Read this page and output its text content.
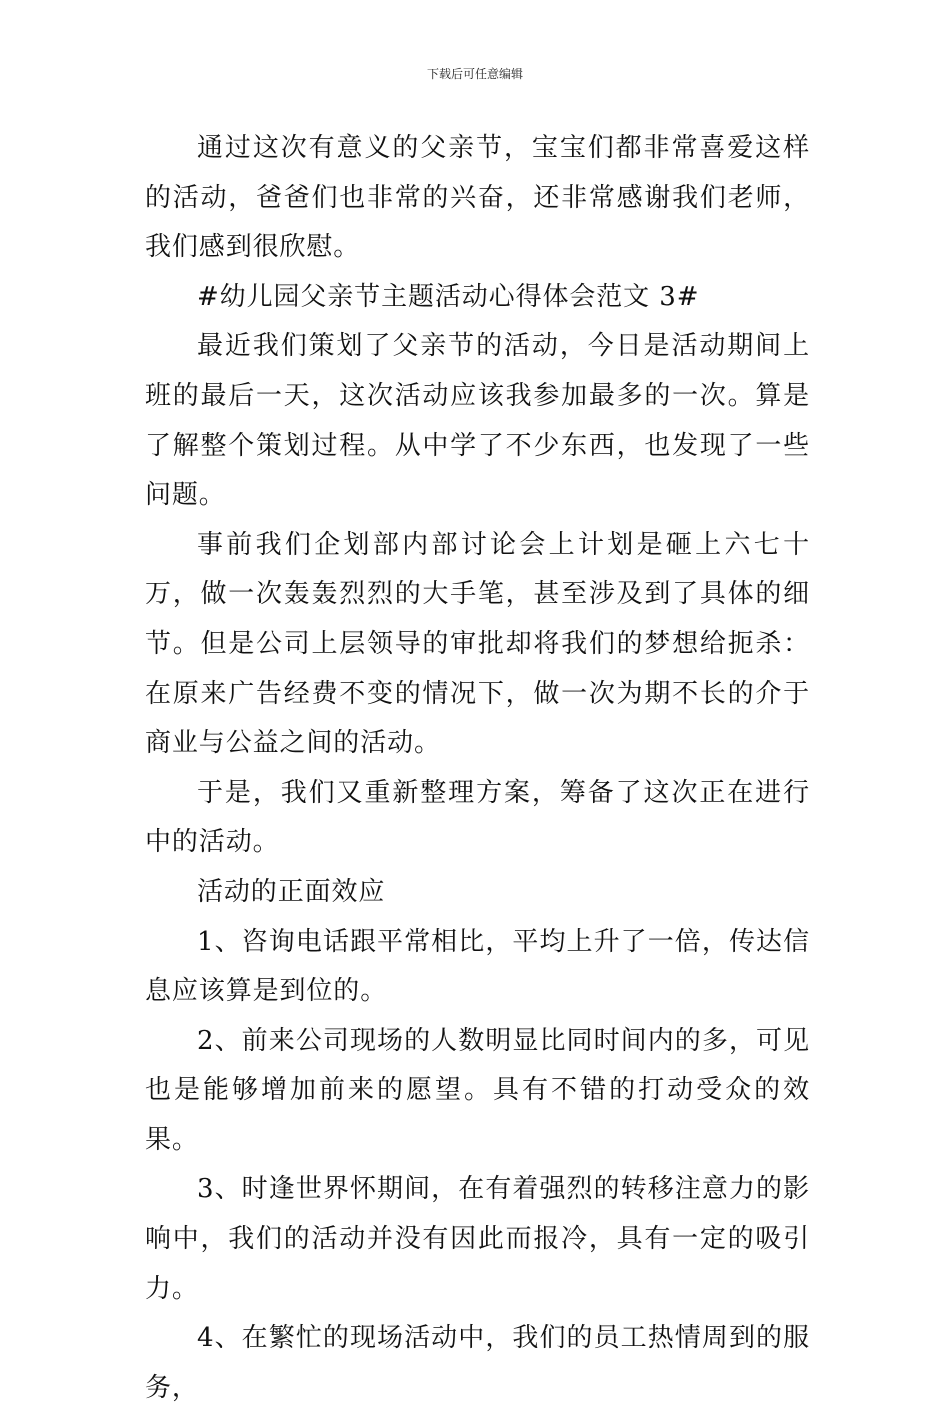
下载后可任意编辑

通过这次有意义的父亲节，宝宝们都非常喜爱这样的活动，爸爸们也非常的兴奋，还非常感谢我们老师，我们感到很欣慰。

#幼儿园父亲节主题活动心得体会范文 3#

最近我们策划了父亲节的活动，今日是活动期间上班的最后一天，这次活动应该我参加最多的一次。算是了解整个策划过程。从中学了不少东西，也发现了一些问题。

事前我们企划部内部讨论会上计划是砸上六七十万，做一次轰轰烈烈的大手笔，甚至涉及到了具体的细节。但是公司上层领导的审批却将我们的梦想给扼杀：在原来广告经费不变的情况下，做一次为期不长的介于商业与公益之间的活动。

于是，我们又重新整理方案，筹备了这次正在进行中的活动。

活动的正面效应

1、咨询电话跟平常相比，平均上升了一倍，传达信息应该算是到位的。

2、前来公司现场的人数明显比同时间内的多，可见也是能够增加前来的愿望。具有不错的打动受众的效果。

3、时逢世界怀期间，在有着强烈的转移注意力的影响中，我们的活动并没有因此而报冷，具有一定的吸引力。

4、在繁忙的现场活动中，我们的员工热情周到的服务，
